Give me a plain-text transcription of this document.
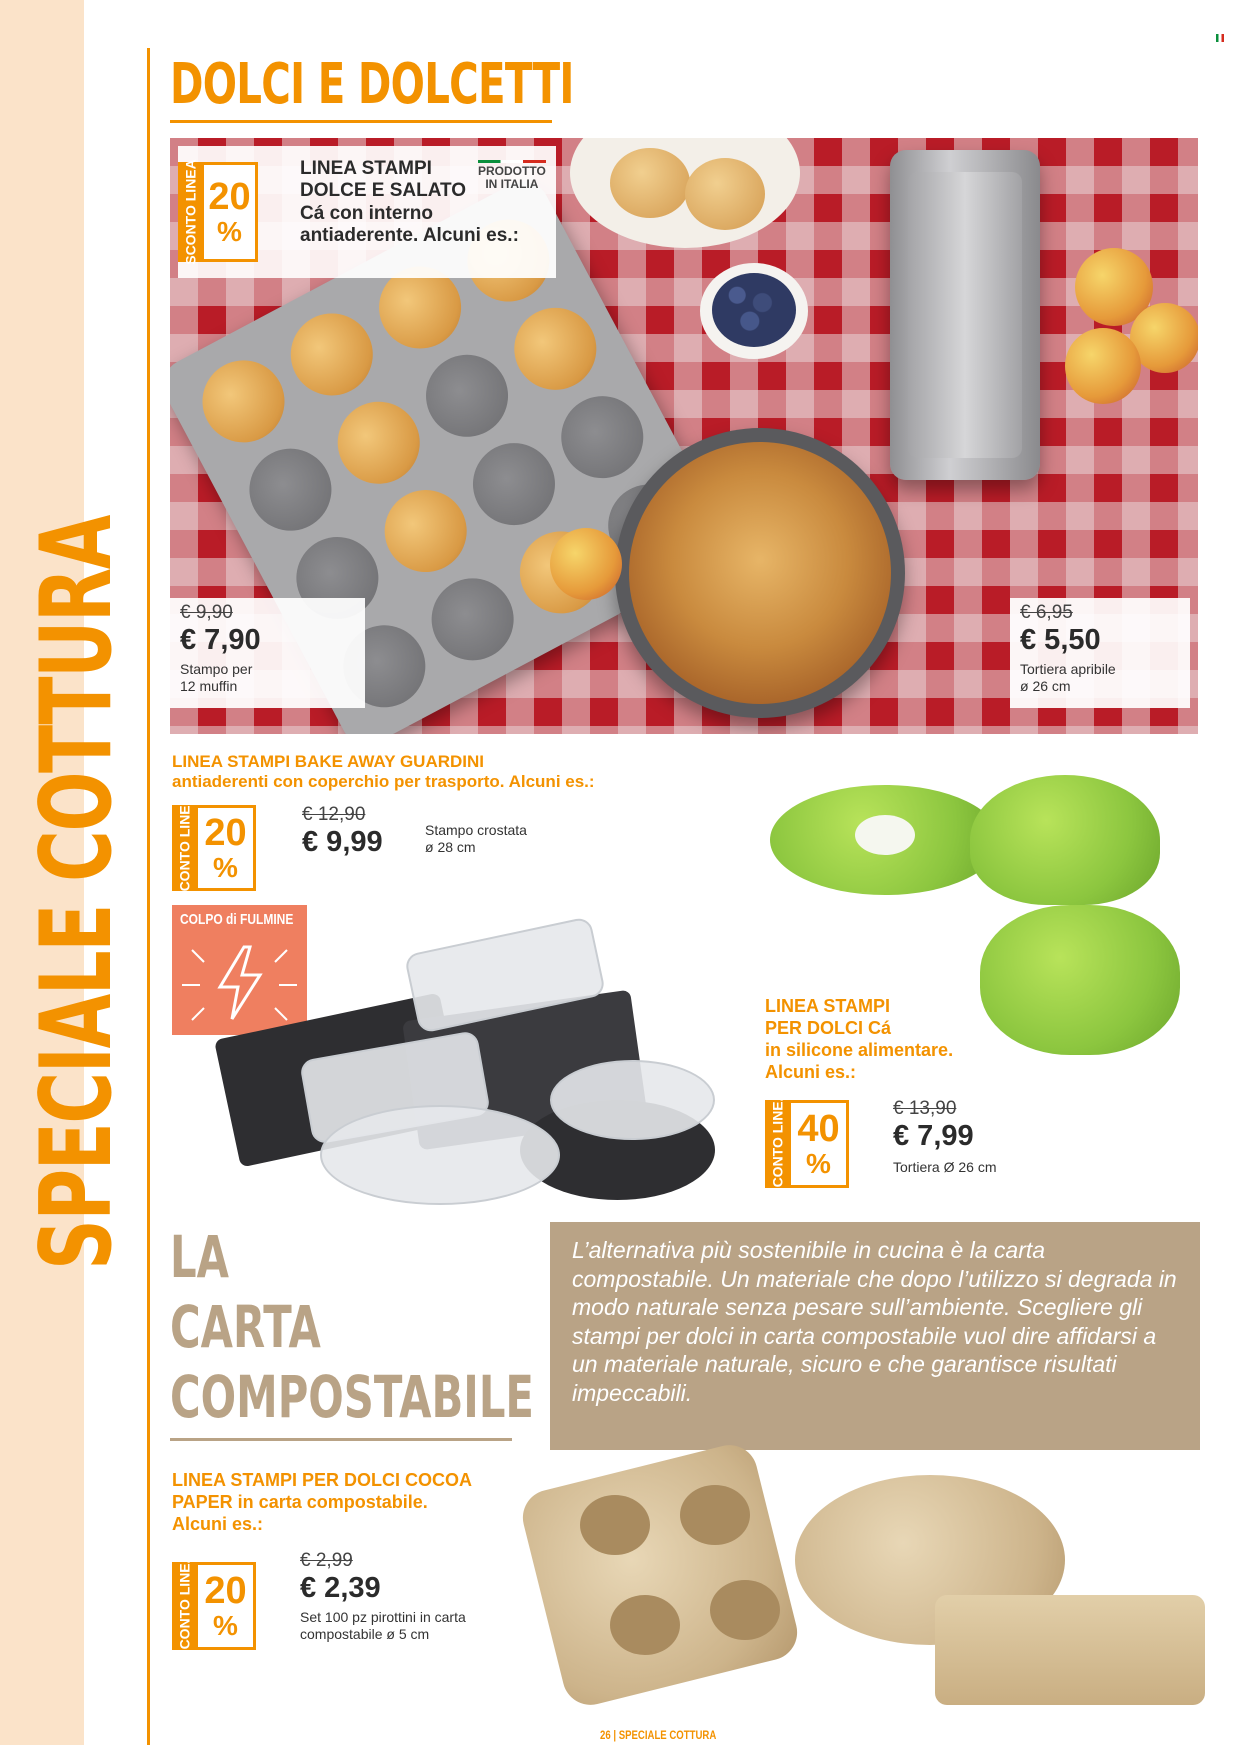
SPECIALE COTTURA
DOLCI E DOLCETTI
SCONTO LINEA 20
%
LINEA STAMPI
DOLCE E SALATO
Cá con interno
antiaderente. Alcuni es.:
PRODOTTO
IN ITALIA
€ 9,90
€ 7,90
Stampo per
12 muffin
€ 6,95
€ 5,50
Tortiera apribile
ø 26 cm
LINEA STAMPI BAKE AWAY GUARDINI
antiaderenti con coperchio per trasporto. Alcuni es.:
SCONTO LINEA 20
%
€ 12,90
€ 9,99	Stampo crostata
ø 28 cm
COLPO di FULMINE
LINEA STAMPI
PER DOLCI Cá
in silicone alimentare.
Alcuni es.:
SCONTO LINEA 40
%
€ 13,90
€ 7,99
Tortiera Ø 26 cm
LA
CARTA
COMPOSTABILE
L’alternativa più sostenibile in cucina è la carta compostabile. Un materiale che dopo l’utilizzo si degrada in modo naturale senza pesare sull’ambiente. Scegliere gli stampi per dolci in carta compostabile vuol dire affidarsi a un materiale naturale, sicuro e che garantisce risultati impeccabili.
LINEA STAMPI PER DOLCI COCOA
PAPER in carta compostabile.
Alcuni es.:
SCONTO LINEA 20
%
€ 2,99
€ 2,39
Set 100 pz pirottini in carta
compostabile ø 5 cm
26 | SPECIALE COTTURA
